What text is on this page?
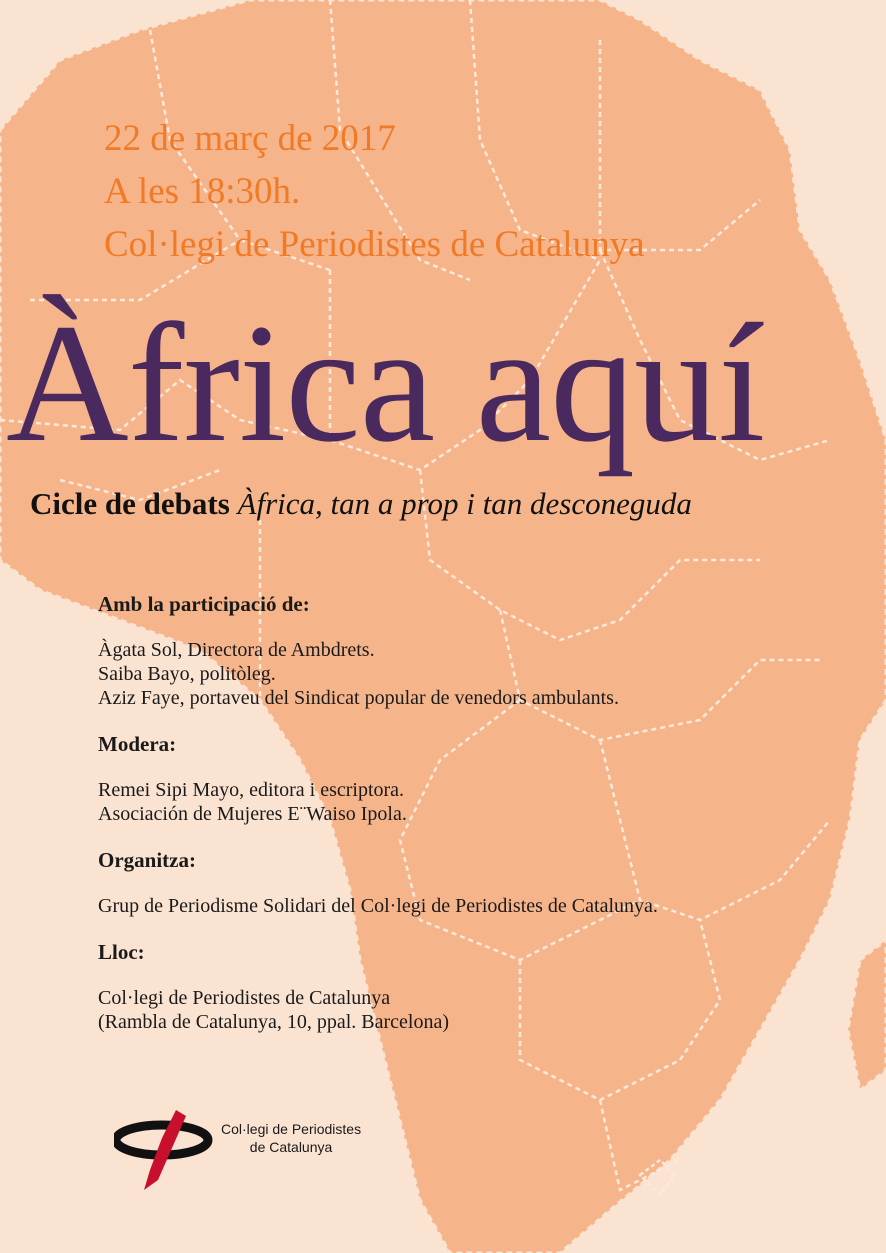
22 de març de 2017
A les 18:30h.
Col·legi de Periodistes de Catalunya
Àfrica aquí
Cicle de debats Àfrica, tan a prop i tan desconeguda
Amb la participació de:
Àgata Sol, Directora de Ambdrets.
Saiba Bayo, politòleg.
Aziz Faye, portaveu del Sindicat popular de venedors ambulants.
Modera:
Remei Sipi Mayo, editora i escriptora.
Asociación de Mujeres E¨Waiso Ipola.
Organitza:
Grup de Periodisme Solidari del Col·legi de Periodistes de Catalunya.
Lloc:
Col·legi de Periodistes de Catalunya
(Rambla de Catalunya, 10, ppal. Barcelona)
Col·legi de Periodistes
de Catalunya
